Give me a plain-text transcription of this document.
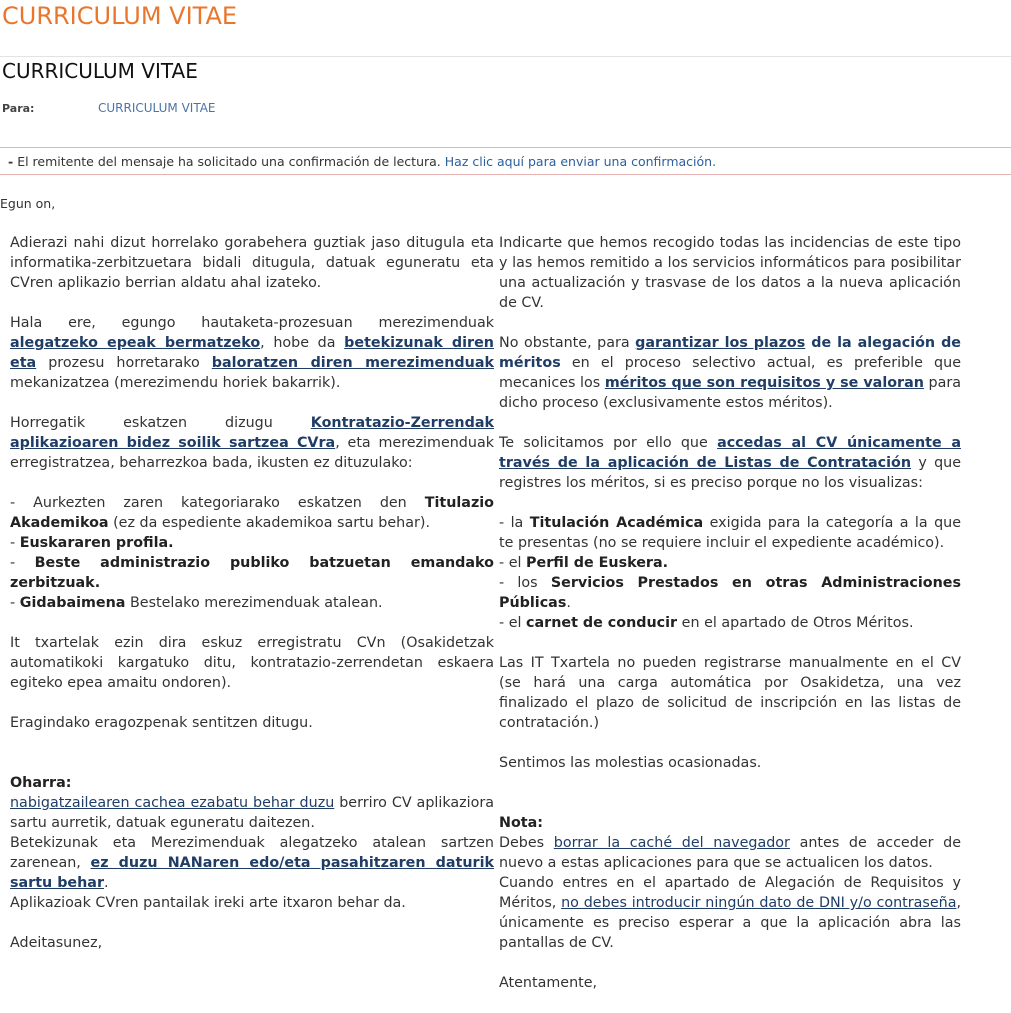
CURRICULUM VITAE
CURRICULUM VITAE
Para:	CURRICULUM VITAE
- El remitente del mensaje ha solicitado una confirmación de lectura. Haz clic aquí para enviar una confirmación.
Egun on,

Adierazi nahi dizut horrelako gorabehera guztiak jaso ditugula eta informatika-zerbitzuetara bidali ditugula, datuak eguneratu eta CVren aplikazio berrian aldatu ahal izateko.

Hala ere, egungo hautaketa-prozesuan merezimenduak alegatzeko epeak bermatzeko, hobe da betekizunak diren eta prozesu horretarako baloratzen diren merezimenduak mekanizatzea (merezimendu horiek bakarrik).

Horregatik eskatzen dizugu Kontratazio-Zerrendak aplikazioaren bidez soilik sartzea CVra, eta merezimenduak erregistratzea, beharrezkoa bada, ikusten ez dituzulako:

- Aurkezten zaren kategoriarako eskatzen den Titulazio Akademikoa (ez da espediente akademikoa sartu behar).

- Euskararen profila.

- Beste administrazio publiko batzuetan emandako zerbitzuak.

- Gidabaimena Bestelako merezimenduak atalean.

It txartelak ezin dira eskuz erregistratu CVn (Osakidetzak automatikoki kargatuko ditu, kontratazio-zerrendetan eskaera egiteko epea amaitu ondoren).

Eragindako eragozpenak sentitzen ditugu.

Oharra:

nabigatzailearen cachea ezabatu behar duzu berriro CV aplikaziora sartu aurretik, datuak eguneratu daitezen.

Betekizunak eta Merezimenduak alegatzeko atalean sartzen zarenean, ez duzu NANaren edo/eta pasahitzaren daturik sartu behar.

Aplikazioak CVren pantailak ireki arte itxaron behar da.

Adeitasunez,

Indicarte que hemos recogido todas las incidencias de este tipo y las hemos remitido a los servicios informáticos para posibilitar una actualización y trasvase de los datos a la nueva aplicación de CV.

No obstante, para garantizar los plazos de la alegación de méritos en el proceso selectivo actual, es preferible que mecanices los méritos que son requisitos y se valoran para dicho proceso (exclusivamente estos méritos).

Te solicitamos por ello que accedas al CV únicamente a través de la aplicación de Listas de Contratación y que registres los méritos, si es preciso porque no los visualizas:

- la Titulación Académica exigida para la categoría a la que te presentas (no se requiere incluir el expediente académico).

- el Perfil de Euskera.

- los Servicios Prestados en otras Administraciones Públicas.

- el carnet de conducir en el apartado de Otros Méritos.

Las IT Txartela no pueden registrarse manualmente en el CV (se hará una carga automática por Osakidetza, una vez finalizado el plazo de solicitud de inscripción en las listas de contratación.)

Sentimos las molestias ocasionadas.

Nota:

Debes borrar la caché del navegador antes de acceder de nuevo a estas aplicaciones para que se actualicen los datos.

Cuando entres en el apartado de Alegación de Requisitos y Méritos, no debes introducir ningún dato de DNI y/o contraseña, únicamente es preciso esperar a que la aplicación abra las pantallas de CV.

Atentamente,
